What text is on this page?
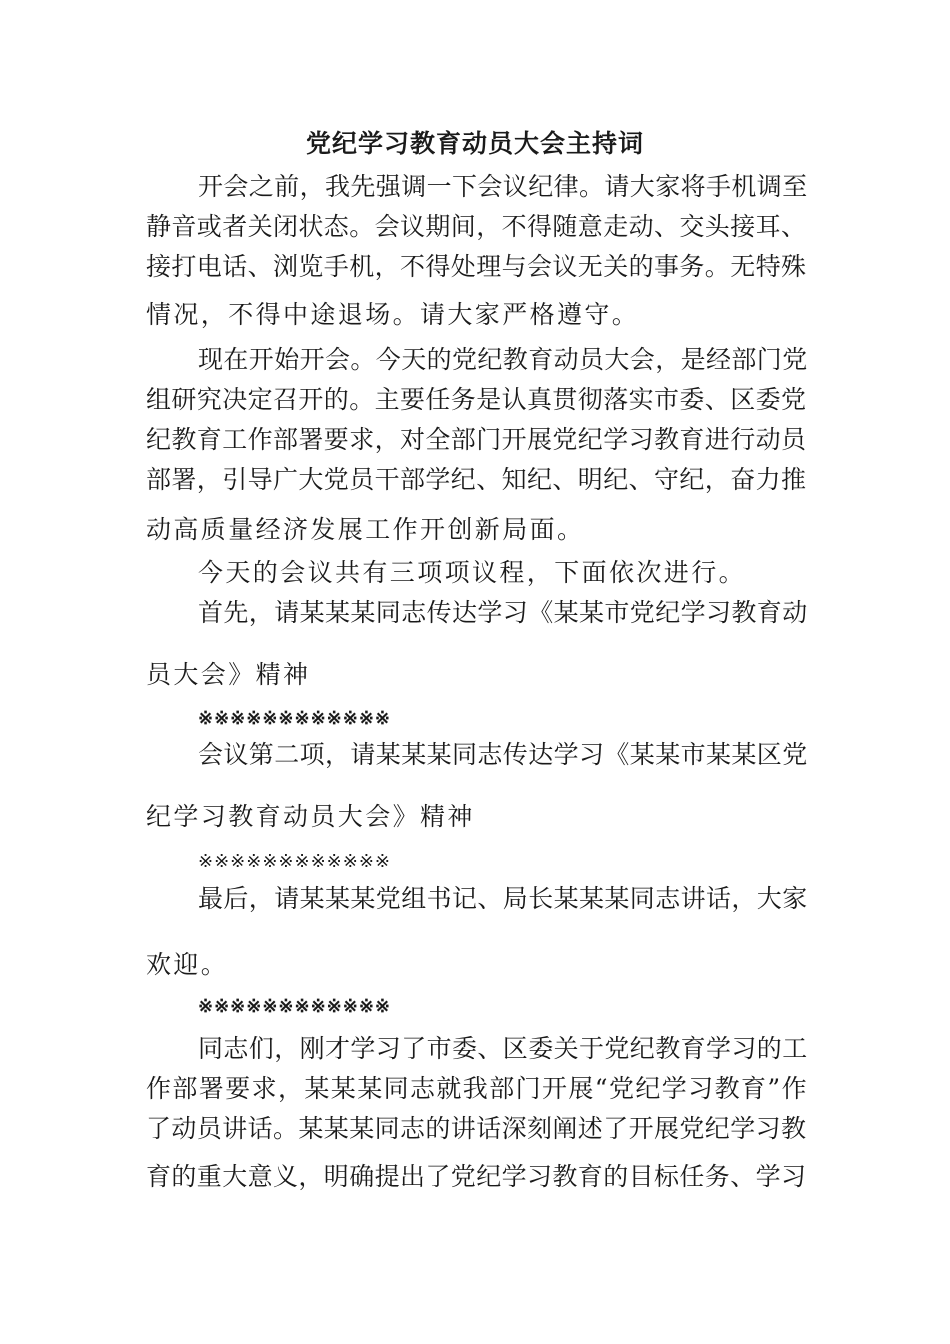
党纪学习教育动员大会主持词
开会之前，我先强调一下会议纪律。请大家将手机调至
静音或者关闭状态。会议期间，不得随意走动、交头接耳、
接打电话、浏览手机，不得处理与会议无关的事务。无特殊
情况，不得中途退场。请大家严格遵守。
现在开始开会。今天的党纪教育动员大会，是经部门党
组研究决定召开的。主要任务是认真贯彻落实市委、区委党
纪教育工作部署要求，对全部门开展党纪学习教育进行动员
部署，引导广大党员干部学纪、知纪、明纪、守纪，奋力推
动高质量经济发展工作开创新局面。
今天的会议共有三项项议程，下面依次进行。
首先，请某某某同志传达学习《某某市党纪学习教育动
员大会》精神
※※※※※※※※※※※※
会议第二项，请某某某同志传达学习《某某市某某区党
纪学习教育动员大会》精神
※※※※※※※※※※※※
最后，请某某某党组书记、局长某某某同志讲话，大家
欢迎。
※※※※※※※※※※※※
同志们，刚才学习了市委、区委关于党纪教育学习的工
作部署要求，某某某同志就我部门开展“党纪学习教育”作
了动员讲话。某某某同志的讲话深刻阐述了开展党纪学习教
育的重大意义，明确提出了党纪学习教育的目标任务、学习
